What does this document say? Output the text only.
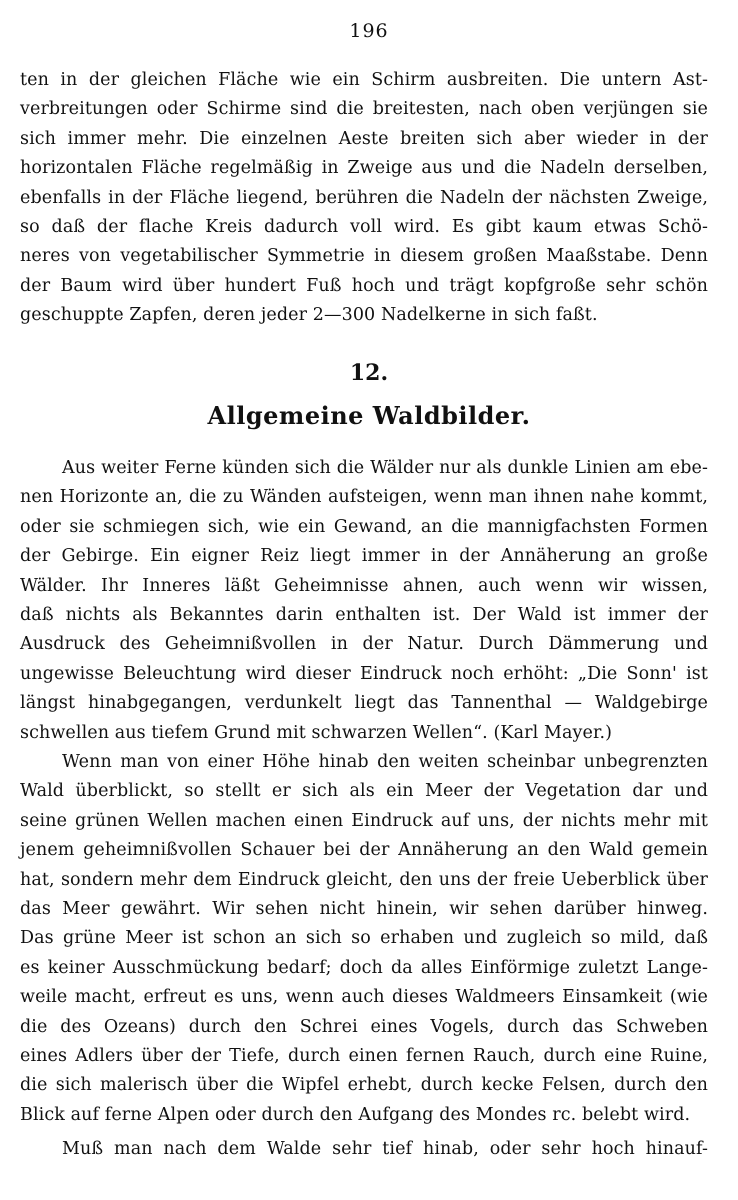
196
ten in der gleichen Fläche wie ein Schirm ausbreiten. Die untern Ast-
verbreitungen oder Schirme sind die breitesten, nach oben verjüngen sie
sich immer mehr. Die einzelnen Aeste breiten sich aber wieder in der
horizontalen Fläche regelmäßig in Zweige aus und die Nadeln derselben,
ebenfalls in der Fläche liegend, berühren die Nadeln der nächsten Zweige,
so daß der flache Kreis dadurch voll wird. Es gibt kaum etwas Schö-
neres von vegetabilischer Symmetrie in diesem großen Maaßstabe. Denn
der Baum wird über hundert Fuß hoch und trägt kopfgroße sehr schön
geschuppte Zapfen, deren jeder 2—300 Nadelkerne in sich faßt.
12.
Allgemeine Waldbilder.
Aus weiter Ferne künden sich die Wälder nur als dunkle Linien am ebe-
nen Horizonte an, die zu Wänden aufsteigen, wenn man ihnen nahe kommt,
oder sie schmiegen sich, wie ein Gewand, an die mannigfachsten Formen
der Gebirge. Ein eigner Reiz liegt immer in der Annäherung an große
Wälder. Ihr Inneres läßt Geheimnisse ahnen, auch wenn wir wissen,
daß nichts als Bekanntes darin enthalten ist. Der Wald ist immer der
Ausdruck des Geheimnißvollen in der Natur. Durch Dämmerung und
ungewisse Beleuchtung wird dieser Eindruck noch erhöht: „Die Sonn' ist
längst hinabgegangen, verdunkelt liegt das Tannenthal — Waldgebirge
schwellen aus tiefem Grund mit schwarzen Wellen“. (Karl Mayer.)
Wenn man von einer Höhe hinab den weiten scheinbar unbegrenzten
Wald überblickt, so stellt er sich als ein Meer der Vegetation dar und
seine grünen Wellen machen einen Eindruck auf uns, der nichts mehr mit
jenem geheimnißvollen Schauer bei der Annäherung an den Wald gemein
hat, sondern mehr dem Eindruck gleicht, den uns der freie Ueberblick über
das Meer gewährt. Wir sehen nicht hinein, wir sehen darüber hinweg.
Das grüne Meer ist schon an sich so erhaben und zugleich so mild, daß
es keiner Ausschmückung bedarf; doch da alles Einförmige zuletzt Lange-
weile macht, erfreut es uns, wenn auch dieses Waldmeers Einsamkeit (wie
die des Ozeans) durch den Schrei eines Vogels, durch das Schweben
eines Adlers über der Tiefe, durch einen fernen Rauch, durch eine Ruine,
die sich malerisch über die Wipfel erhebt, durch kecke Felsen, durch den
Blick auf ferne Alpen oder durch den Aufgang des Mondes rc. belebt wird.
Muß man nach dem Walde sehr tief hinab, oder sehr hoch hinauf-
